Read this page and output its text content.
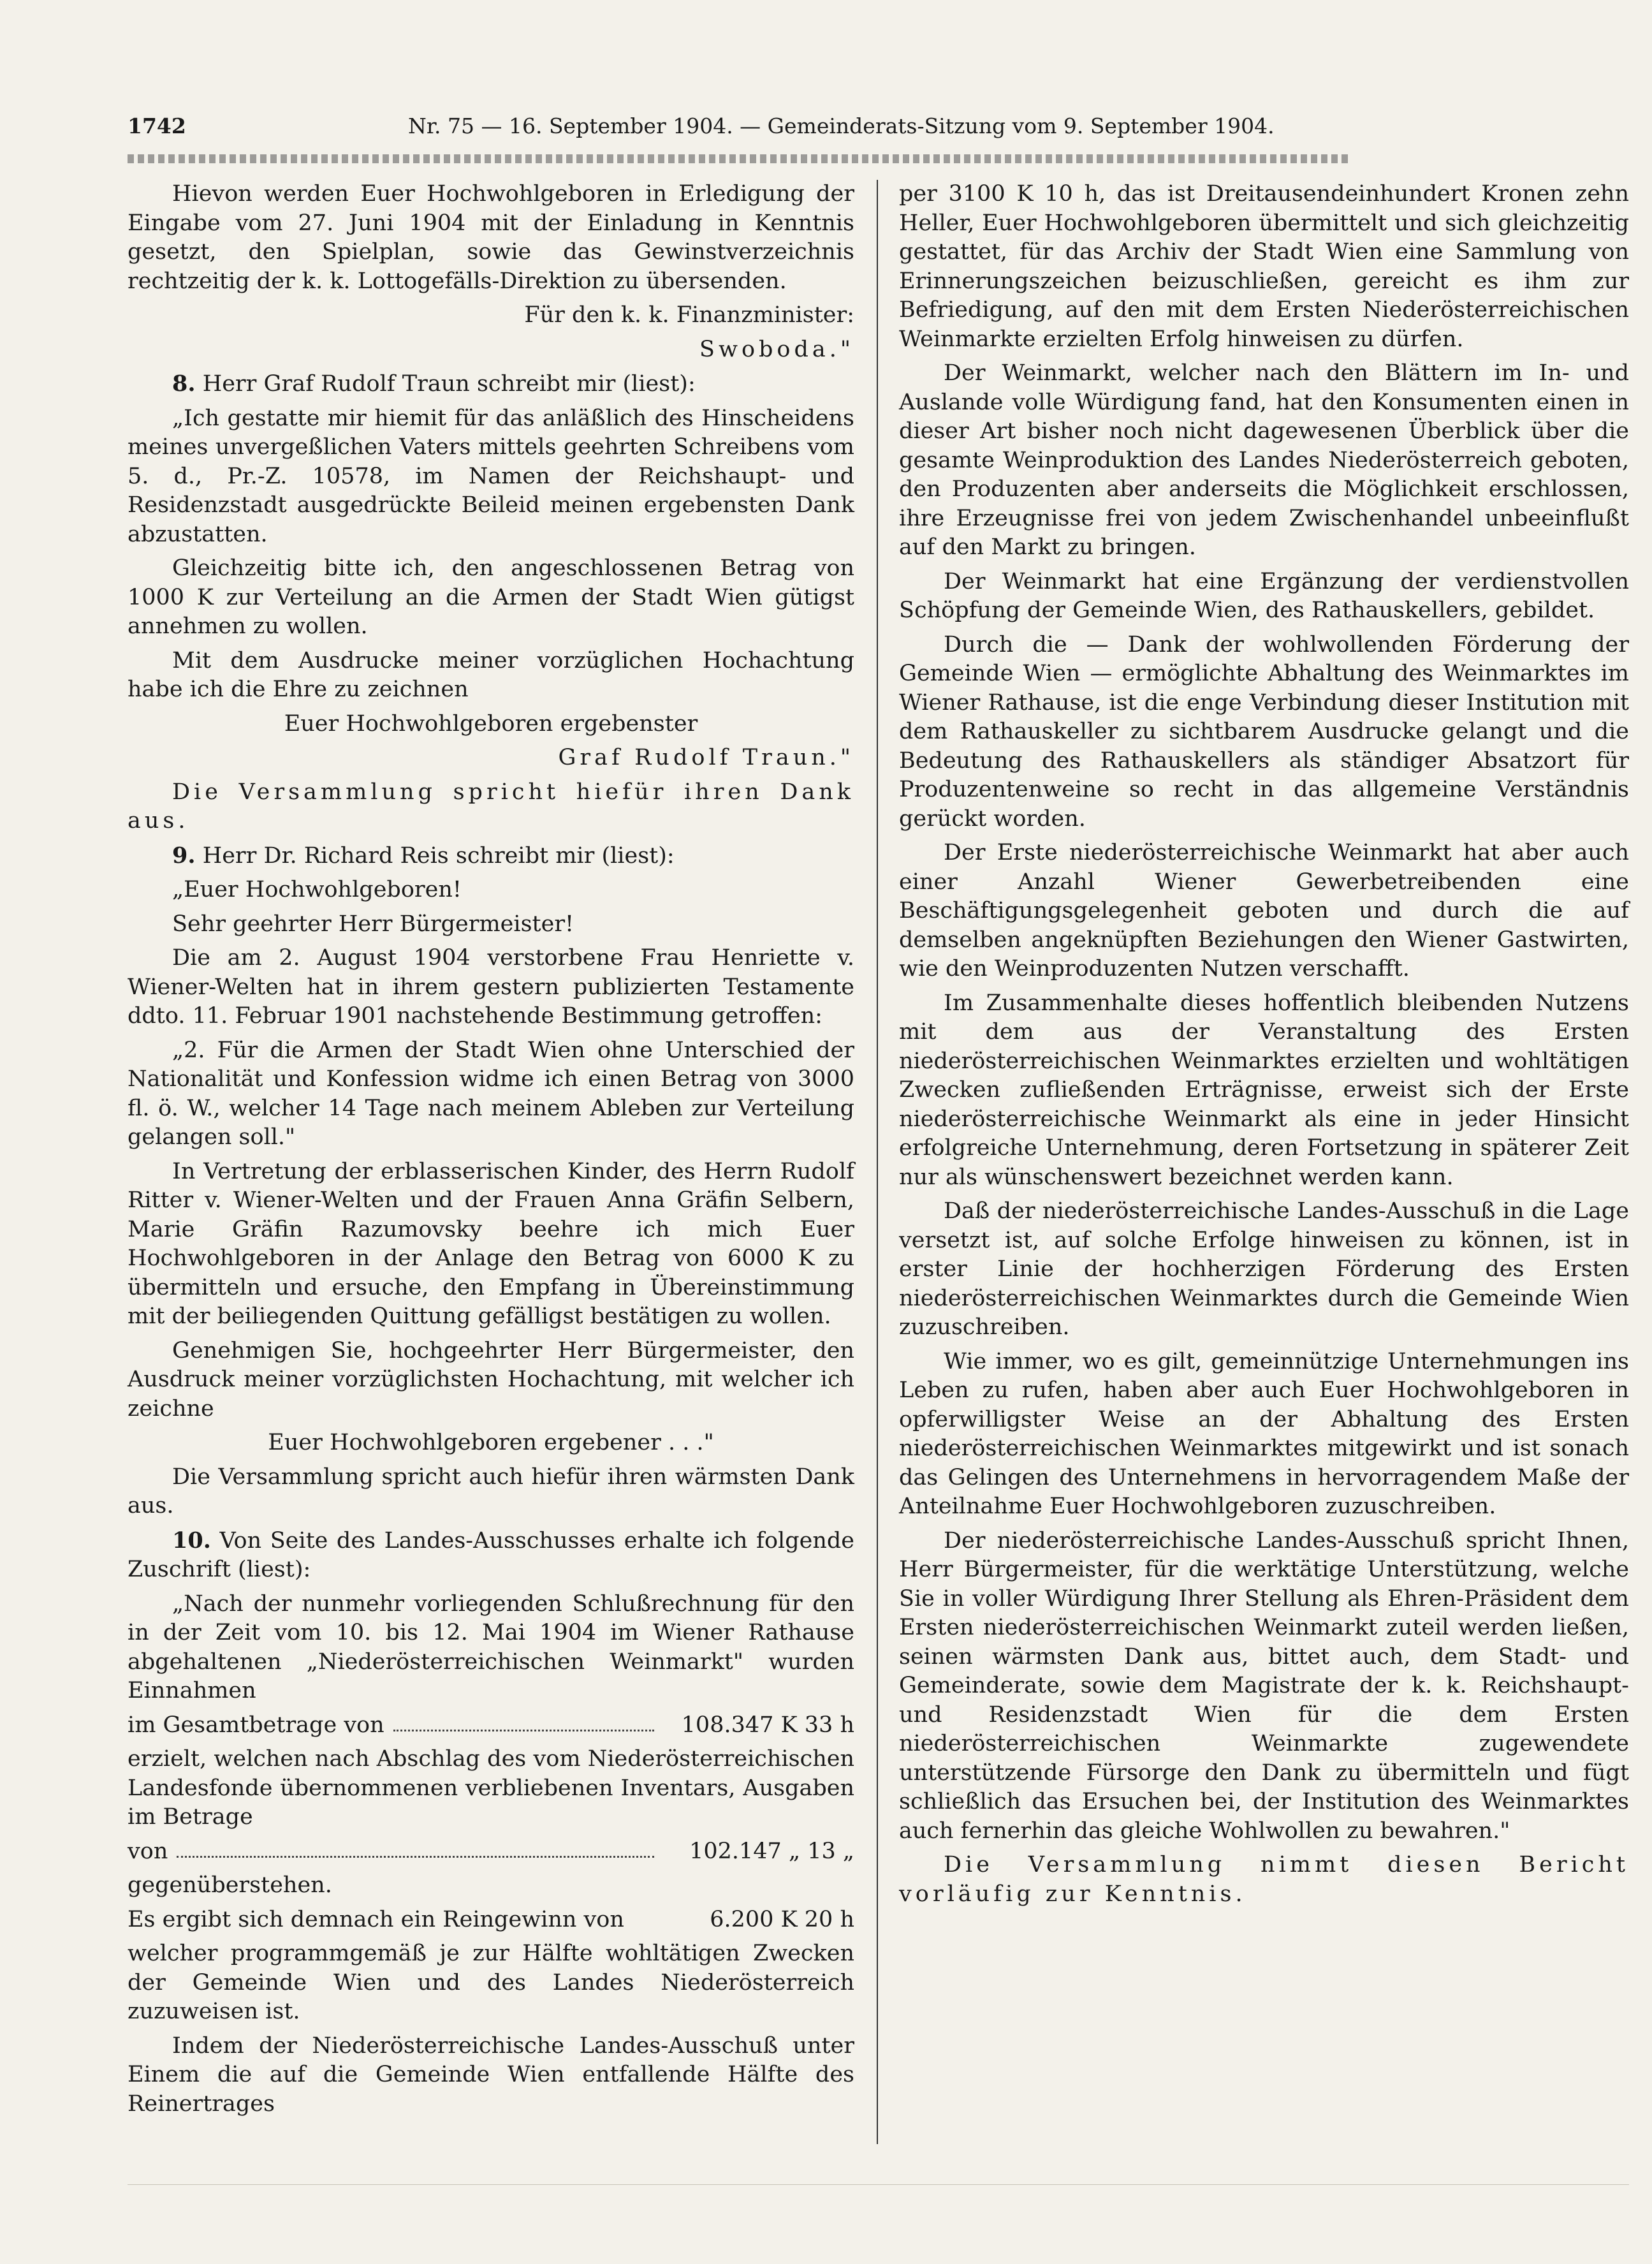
1742	Nr. 75 — 16. September 1904. — Gemeinderats-Sitzung vom 9. September 1904.

Hievon werden Euer Hochwohlgeboren in Erledigung der Eingabe vom 27. Juni 1904 mit der Einladung in Kenntnis gesetzt, den Spielplan, sowie das Gewinstverzeichnis rechtzeitig der k. k. Lottogefälls-Direktion zu übersenden.

Für den k. k. Finanzminister:

Swoboda."

8. Herr Graf Rudolf Traun schreibt mir (liest):

„Ich gestatte mir hiemit für das anläßlich des Hinscheidens meines unvergeßlichen Vaters mittels geehrten Schreibens vom 5. d., Pr.-Z. 10578, im Namen der Reichshaupt- und Residenzstadt ausgedrückte Beileid meinen ergebensten Dank abzustatten.

Gleichzeitig bitte ich, den angeschlossenen Betrag von 1000 K zur Verteilung an die Armen der Stadt Wien gütigst annehmen zu wollen.

Mit dem Ausdrucke meiner vorzüglichen Hochachtung habe ich die Ehre zu zeichnen

Euer Hochwohlgeboren ergebenster

Graf Rudolf Traun."

Die Versammlung spricht hiefür ihren Dank aus.

9. Herr Dr. Richard Reis schreibt mir (liest):

„Euer Hochwohlgeboren!

Sehr geehrter Herr Bürgermeister!

Die am 2. August 1904 verstorbene Frau Henriette v. Wiener-Welten hat in ihrem gestern publizierten Testamente ddto. 11. Februar 1901 nachstehende Bestimmung getroffen:

„2. Für die Armen der Stadt Wien ohne Unterschied der Nationalität und Konfession widme ich einen Betrag von 3000 fl. ö. W., welcher 14 Tage nach meinem Ableben zur Verteilung gelangen soll."

In Vertretung der erblasserischen Kinder, des Herrn Rudolf Ritter v. Wiener-Welten und der Frauen Anna Gräfin Selbern, Marie Gräfin Razumovsky beehre ich mich Euer Hochwohlgeboren in der Anlage den Betrag von 6000 K zu übermitteln und ersuche, den Empfang in Übereinstimmung mit der beiliegenden Quittung gefälligst bestätigen zu wollen.

Genehmigen Sie, hochgeehrter Herr Bürgermeister, den Ausdruck meiner vorzüglichsten Hochachtung, mit welcher ich zeichne

Euer Hochwohlgeboren ergebener . . ."

Die Versammlung spricht auch hiefür ihren wärmsten Dank aus.

10. Von Seite des Landes-Ausschusses erhalte ich folgende Zuschrift (liest):

„Nach der nunmehr vorliegenden Schlußrechnung für den in der Zeit vom 10. bis 12. Mai 1904 im Wiener Rathause abgehaltenen „Niederösterreichischen Weinmarkt" wurden Einnahmen

im Gesamtbetrage von	108.347 K 33 h

erzielt, welchen nach Abschlag des vom Niederösterreichischen Landesfonde übernommenen verbliebenen Inventars, Ausgaben im Betrage

von	102.147 „ 13 „

gegenüberstehen.

Es ergibt sich demnach ein Reingewinn von	6.200 K 20 h

welcher programmgemäß je zur Hälfte wohltätigen Zwecken der Gemeinde Wien und des Landes Niederösterreich zuzuweisen ist.

Indem der Niederösterreichische Landes-Ausschuß unter Einem die auf die Gemeinde Wien entfallende Hälfte des Reinertrages

per 3100 K 10 h, das ist Dreitausendeinhundert Kronen zehn Heller, Euer Hochwohlgeboren übermittelt und sich gleichzeitig gestattet, für das Archiv der Stadt Wien eine Sammlung von Erinnerungszeichen beizuschließen, gereicht es ihm zur Befriedigung, auf den mit dem Ersten Niederösterreichischen Weinmarkte erzielten Erfolg hinweisen zu dürfen.

Der Weinmarkt, welcher nach den Blättern im In- und Auslande volle Würdigung fand, hat den Konsumenten einen in dieser Art bisher noch nicht dagewesenen Überblick über die gesamte Weinproduktion des Landes Niederösterreich geboten, den Produzenten aber anderseits die Möglichkeit erschlossen, ihre Erzeugnisse frei von jedem Zwischenhandel unbeeinflußt auf den Markt zu bringen.

Der Weinmarkt hat eine Ergänzung der verdienstvollen Schöpfung der Gemeinde Wien, des Rathauskellers, gebildet.

Durch die — Dank der wohlwollenden Förderung der Gemeinde Wien — ermöglichte Abhaltung des Weinmarktes im Wiener Rathause, ist die enge Verbindung dieser Institution mit dem Rathauskeller zu sichtbarem Ausdrucke gelangt und die Bedeutung des Rathauskellers als ständiger Absatzort für Produzentenweine so recht in das allgemeine Verständnis gerückt worden.

Der Erste niederösterreichische Weinmarkt hat aber auch einer Anzahl Wiener Gewerbetreibenden eine Beschäftigungsgelegenheit geboten und durch die auf demselben angeknüpften Beziehungen den Wiener Gastwirten, wie den Weinproduzenten Nutzen verschafft.

Im Zusammenhalte dieses hoffentlich bleibenden Nutzens mit dem aus der Veranstaltung des Ersten niederösterreichischen Weinmarktes erzielten und wohltätigen Zwecken zufließenden Erträgnisse, erweist sich der Erste niederösterreichische Weinmarkt als eine in jeder Hinsicht erfolgreiche Unternehmung, deren Fortsetzung in späterer Zeit nur als wünschenswert bezeichnet werden kann.

Daß der niederösterreichische Landes-Ausschuß in die Lage versetzt ist, auf solche Erfolge hinweisen zu können, ist in erster Linie der hochherzigen Förderung des Ersten niederösterreichischen Weinmarktes durch die Gemeinde Wien zuzuschreiben.

Wie immer, wo es gilt, gemeinnützige Unternehmungen ins Leben zu rufen, haben aber auch Euer Hochwohlgeboren in opferwilligster Weise an der Abhaltung des Ersten niederösterreichischen Weinmarktes mitgewirkt und ist sonach das Gelingen des Unternehmens in hervorragendem Maße der Anteilnahme Euer Hochwohlgeboren zuzuschreiben.

Der niederösterreichische Landes-Ausschuß spricht Ihnen, Herr Bürgermeister, für die werktätige Unterstützung, welche Sie in voller Würdigung Ihrer Stellung als Ehren-Präsident dem Ersten niederösterreichischen Weinmarkt zuteil werden ließen, seinen wärmsten Dank aus, bittet auch, dem Stadt- und Gemeinderate, sowie dem Magistrate der k. k. Reichshaupt- und Residenzstadt Wien für die dem Ersten niederösterreichischen Weinmarkte zugewendete unterstützende Fürsorge den Dank zu übermitteln und fügt schließlich das Ersuchen bei, der Institution des Weinmarktes auch fernerhin das gleiche Wohlwollen zu bewahren."

Die Versammlung nimmt diesen Bericht vorläufig zur Kenntnis.
